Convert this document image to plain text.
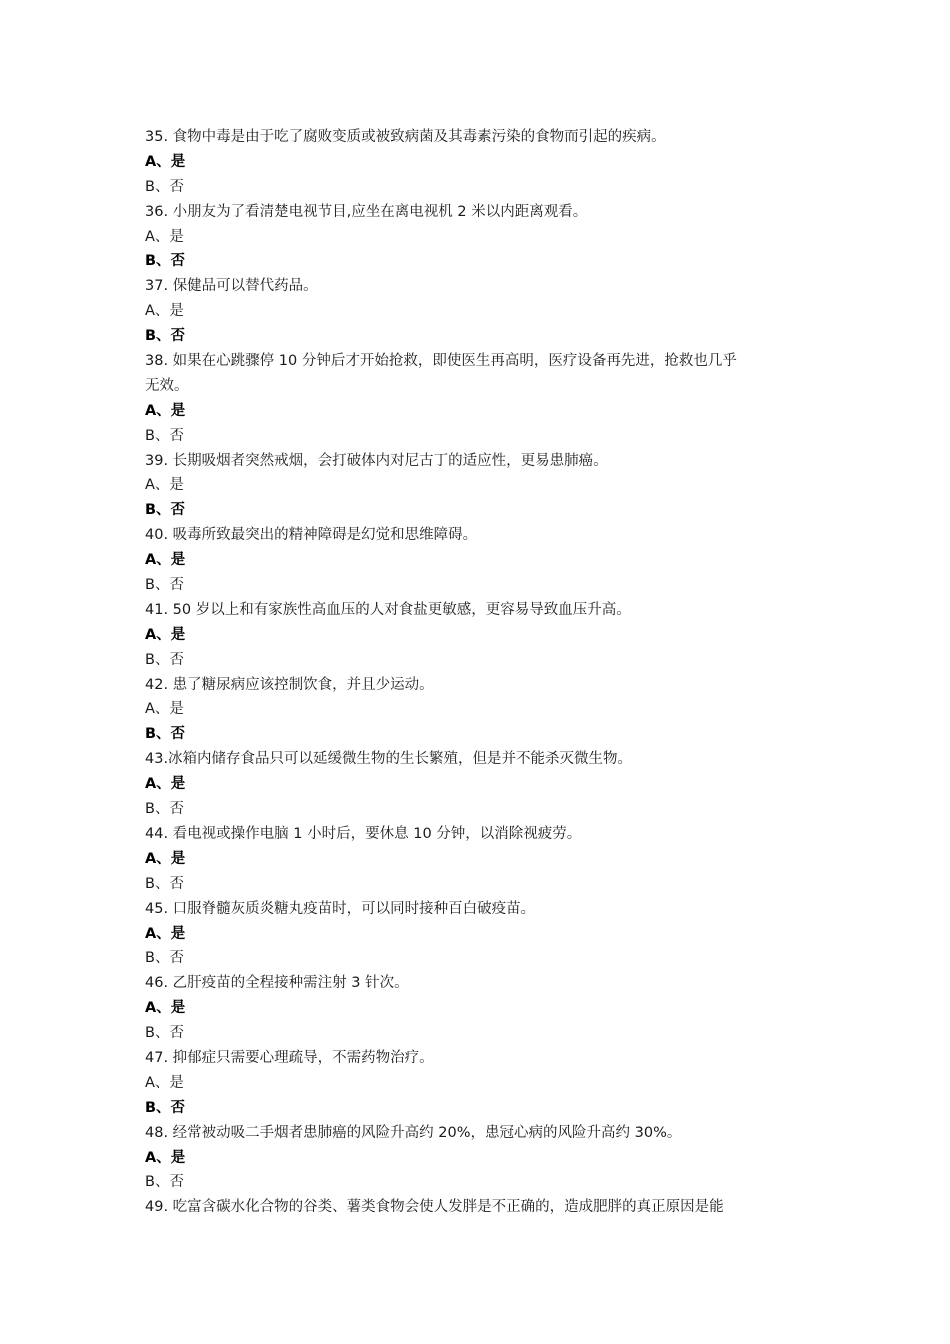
35. 食物中毒是由于吃了腐败变质或被致病菌及其毒素污染的食物而引起的疾病。
A、是
B、否
36. 小朋友为了看清楚电视节目,应坐在离电视机 2 米以内距离观看。
A、是
B、否
37. 保健品可以替代药品。
A、是
B、否
38. 如果在心跳骤停 10 分钟后才开始抢救，即使医生再高明，医疗设备再先进，抢救也几乎
无效。
A、是
B、否
39. 长期吸烟者突然戒烟，会打破体内对尼古丁的适应性，更易患肺癌。
A、是
B、否
40. 吸毒所致最突出的精神障碍是幻觉和思维障碍。
A、是
B、否
41. 50 岁以上和有家族性高血压的人对食盐更敏感，更容易导致血压升高。
A、是
B、否
42. 患了糖尿病应该控制饮食，并且少运动。
A、是
B、否
43.冰箱内储存食品只可以延缓微生物的生长繁殖，但是并不能杀灭微生物。
A、是
B、否
44. 看电视或操作电脑 1 小时后，要休息 10 分钟，以消除视疲劳。
A、是
B、否
45. 口服脊髓灰质炎糖丸疫苗时，可以同时接种百白破疫苗。
A、是
B、否
46. 乙肝疫苗的全程接种需注射 3 针次。
A、是
B、否
47. 抑郁症只需要心理疏导，不需药物治疗。
A、是
B、否
48. 经常被动吸二手烟者患肺癌的风险升高约 20%，患冠心病的风险升高约 30%。
A、是
B、否
49. 吃富含碳水化合物的谷类、薯类食物会使人发胖是不正确的，造成肥胖的真正原因是能
